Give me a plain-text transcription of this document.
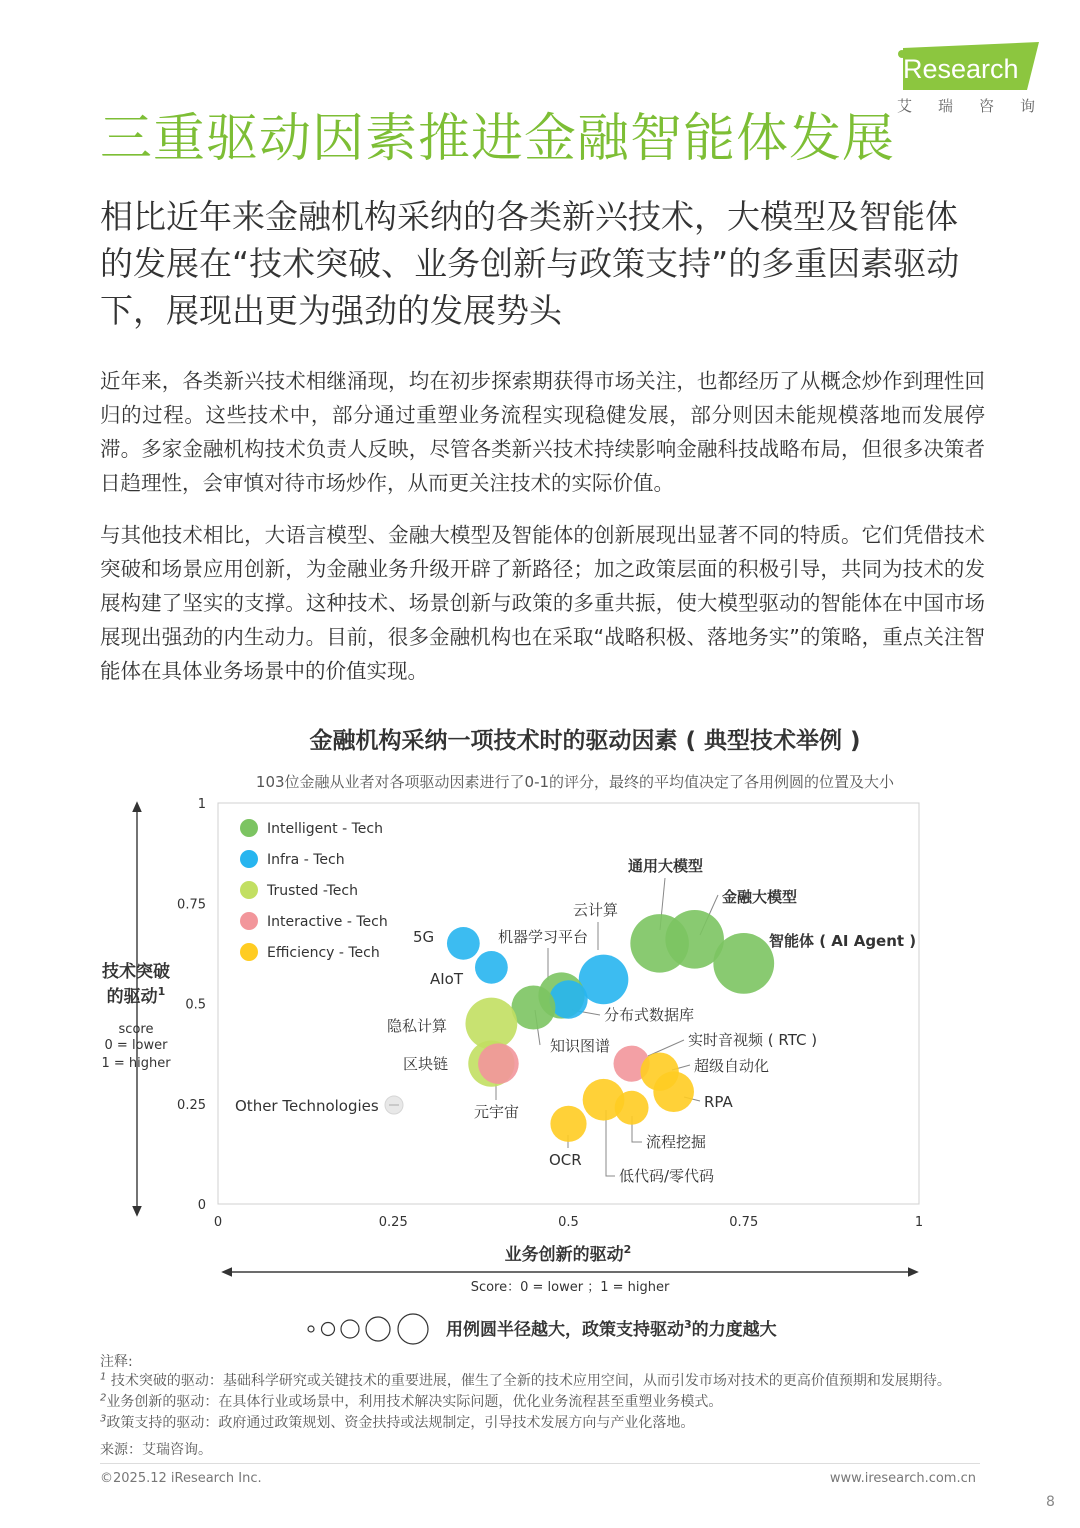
iResearch
艾瑞咨询
三重驱动因素推进金融智能体发展
相比近年来金融机构采纳的各类新兴技术，大模型及智能体的发展在“技术突破、业务创新与政策支持”的多重因素驱动下，展现出更为强劲的发展势头
近年来，各类新兴技术相继涌现，均在初步探索期获得市场关注，也都经历了从概念炒作到理性回归的过程。这些技术中，部分通过重塑业务流程实现稳健发展，部分则因未能规模落地而发展停滞。多家金融机构技术负责人反映，尽管各类新兴技术持续影响金融科技战略布局，但很多决策者日趋理性，会审慎对待市场炒作，从而更关注技术的实际价值。
与其他技术相比，大语言模型、金融大模型及智能体的创新展现出显著不同的特质。它们凭借技术突破和场景应用创新，为金融业务升级开辟了新路径；加之政策层面的积极引导，共同为技术的发展构建了坚实的支撑。这种技术、场景创新与政策的多重共振，使大模型驱动的智能体在中国市场展现出强劲的内生动力。目前，很多金融机构也在采取“战略积极、落地务实”的策略，重点关注智能体在具体业务场景中的价值实现。
金融机构采纳一项技术时的驱动因素 ( 典型技术举例 )
103位金融从业者对各项驱动因素进行了0-1的评分，最终的平均值决定了各用例圆的位置及大小
0	0.25	0.5	0.75	1
0
0.25
0.5
0.75
1
技术突破
的驱动$^1$
score
0 = lower
1 = higher
业务创新的驱动$^2$
Score：0 = lower ；1 = higher
Intelligent - Tech
Infra - Tech
Trusted -Tech
Interactive - Tech
Efficiency - Tech
Other Technologies
5G
AIoT
云计算
机器学习平台
分布式数据库
知识图谱
通用大模型
金融大模型
智能体 ( AI Agent )
隐私计算
区块链
元宇宙
实时音视频 ( RTC )
超级自动化
RPA
流程挖掘
低代码/零代码
OCR
用例圆半径越大，政策支持驱动$^3$的力度越大
注释:
$^1$ 技术突破的驱动：基础科学研究或关键技术的重要进展，催生了全新的技术应用空间，从而引发市场对技术的更高价值预期和发展期待。
$^2$业务创新的驱动：在具体行业或场景中，利用技术解决实际问题，优化业务流程甚至重塑业务模式。
$^3$政策支持的驱动：政府通过政策规划、资金扶持或法规制定，引导技术发展方向与产业化落地。
来源：艾瑞咨询。
©2025.12 iResearch Inc.	www.iresearch.com.cn
8
